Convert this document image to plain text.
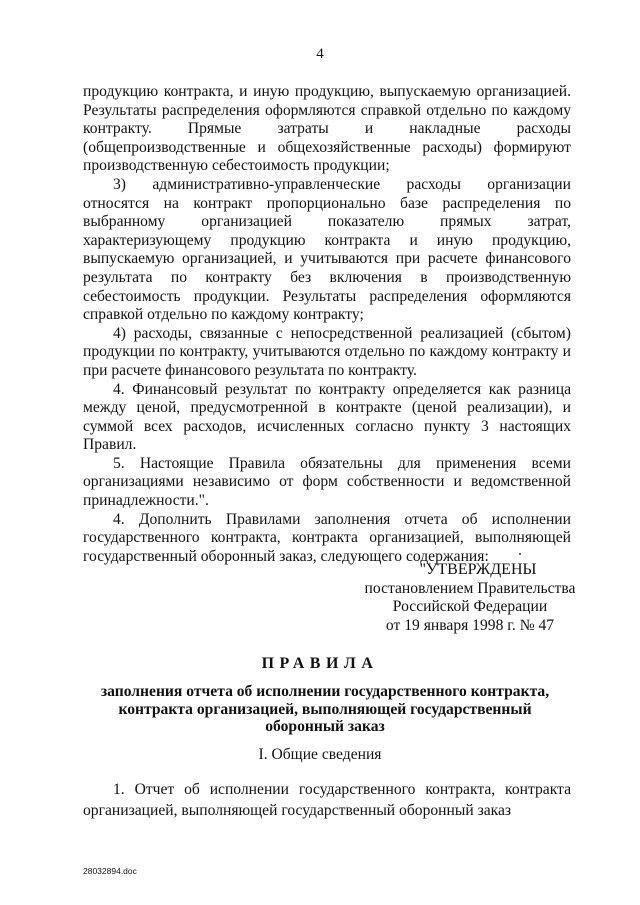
4

продукцию контракта, и иную продукцию, выпускаемую организацией. Результаты распределения оформляются справкой отдельно по каждому контракту. Прямые затраты и накладные расходы (общепроизводственные и общехозяйственные расходы) формируют производственную себестоимость продукции;

3) административно-управленческие расходы организации относятся на контракт пропорционально базе распределения по выбранному организацией показателю прямых затрат, характеризующему продукцию контракта и иную продукцию, выпускаемую организацией, и учитываются при расчете финансового результата по контракту без включения в производственную себестоимость продукции. Результаты распределения оформляются справкой отдельно по каждому контракту;

4) расходы, связанные с непосредственной реализацией (сбытом) продукции по контракту, учитываются отдельно по каждому контракту и при расчете финансового результата по контракту.

4. Финансовый результат по контракту определяется как разница между ценой, предусмотренной в контракте (ценой реализации), и суммой всех расходов, исчисленных согласно пункту 3 настоящих Правил.

5. Настоящие Правила обязательны для применения всеми организациями независимо от форм собственности и ведомственной принадлежности.".

4. Дополнить Правилами заполнения отчета об исполнении государственного контракта, контракта организацией, выполняющей государственный оборонный заказ, следующего содержания:

"УТВЕРЖДЕНЫ
постановлением Правительства
Российской Федерации
от 19 января 1998 г. № 47
ПРАВИЛА
заполнения отчета об исполнении государственного контракта,
контракта организацией, выполняющей государственный
оборонный заказ
I. Общие сведения

1. Отчет об исполнении государственного контракта, контракта организацией, выполняющей государственный оборонный заказ

28032894.doc
